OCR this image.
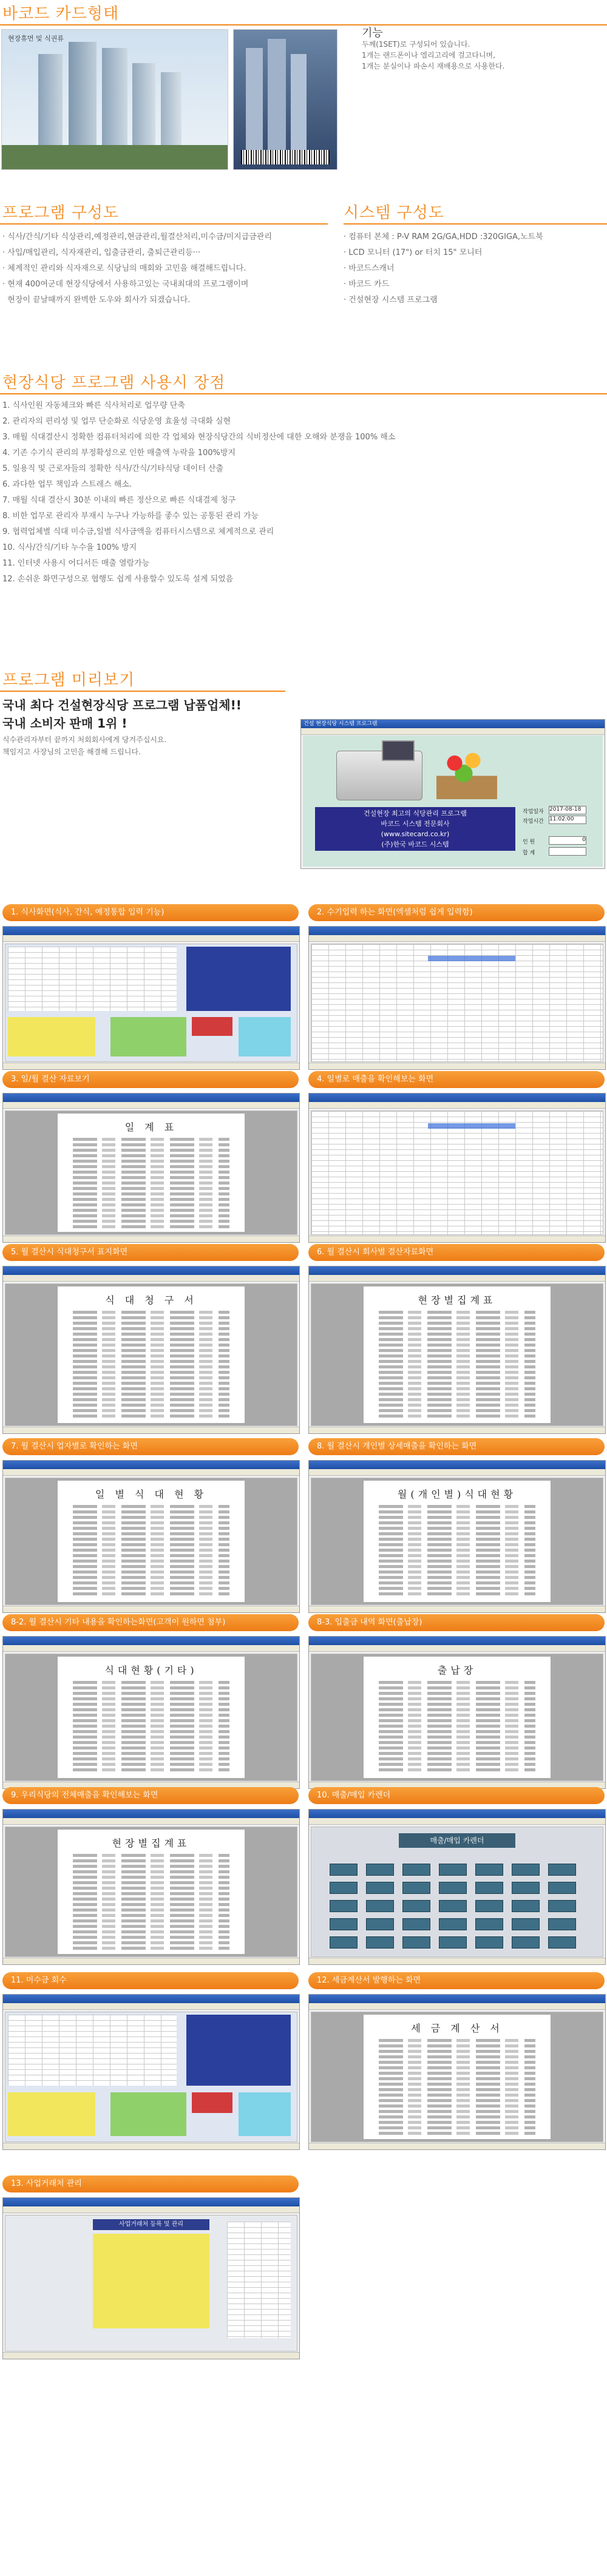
바코드 카드형태
현장휴먼 및 식권류	기능
두께(1SET)로 구성되어 있습니다.
1개는 랜드폰이나 엘리고리에 걸고다니며,
1개는 분실이나 파손시 재배용으로 사용한다.
프로그램 구성도
· 식사/간식/기타 식상관리,예정관리,현금관리,월결산처리,미수금/미지급금관리
· 사입/매입관리, 식자재관리, 입출금관리, 출퇴근관리등···
· 체계적인 관리와 식자재으로 식당님의 매회와 고민을 해결해드립니다.
· 현재 400여군데 현장식당에서 사용하고있는 국내최대의 프로그램이며
현장이 끝날때까지 완벽한 도우와 회사가 되겠습니다.
시스템 구성도
· 컴퓨터 본체 : P-V RAM 2G/GA,HDD :320GIGA,노트북
· LCD 모니터 (17") or 터치 15" 모니터
· 바코드스캐너
· 바코드 카드
· 건설현장 시스템 프로그램
현장식당 프로그램 사용시 장점
1. 식사인원 자동체크와 빠른 식사처리로 업무량 단축
2. 관리자의 편리성 및 업무 단순화로 식당운영 효율성 극대화 실현
3. 매월 식대결산시 정확한 컴퓨터처리에 의한 각 업체와 현장식당간의 식비정산에 대한 오해와 분쟁을 100% 해소
4. 기존 수기식 관리의 부정확성으로 인한 매출액 누락을 100%방지
5. 일용직 및 근로자들의 정확한 식사/간식/기타식당 데이터 산출
6. 과다한 업무 책임과 스트레스 해소.
7. 매월 식대 결산시 30분 이내의 빠른 정산으로 빠른 식대결제 청구
8. 비한 업무로 관리자 부재시 누구나 가능하를 좋수 있는 공통된 관리 가능
9. 협력업체별 식대 미수금,일별 식사금액을 컴퓨터시스템으로 체계적으로 관리
10. 식사/간식/기타 누수율 100% 방지
11. 인터넷 사용시 어디서든 매출 열람가능
12. 손쉬운 화면구성으로 협행도 쉽게 사용할수 있도록 설계 되었음
프로그램 미리보기
국내 최다 건설현장식당 프로그램 납품업체!!
국내 소비자 판매 1위 !
식수관리자부터 끝까지 처회회사에게 당겨주십시요.
책임지고 사장님의 고민을 해결해 드립니다.
건설 현장식당 시스템 프로그램
건설현장 최고의 식당관리 프로그램
바코드 시스템 전문회사
(www.sitecard.co.kr)
(주)한국 바코드 시스템
작업일자 2017-08-18
작업시간 11:02:00
인 원	0
합 계
1. 식사화면(식사, 간식, 예정통합 입력 기능)	2. 수기입력 하는 화면(엑셀처럼 쉽게 입력함)
3. 일/월 결산 자료보기
일 계 표
4. 일별로 매출을 확인해보는 화면
5. 월 결산시 식대청구서 표지화면
식 대 청 구 서
6. 월 결산시 회사별 결산자료화면
현장별집계표
7. 월 결산시 업자별로 확인하는 화면
일 별 식 대 현 황
8. 월 결산시 개인별 상세매출을 확인하는 화면
월(개인별)식대현황
8-2. 월 결산시 기타 내용을 확인하는화면(고객이 원하면 첨부)
식대현황(기타)
8-3. 입출금 내역 화면(출납장)
출납장
9. 우리식당의 전체매출을 확인해보는 화면
현장별집계표
10. 매출/매입 카렌더
매출/매입 카렌더
11. 미수금 회수	12. 세금계산서 발행하는 화면
세 금 계 산 서
13. 사업거래처 관리
사업거래처 등록 및 관리
